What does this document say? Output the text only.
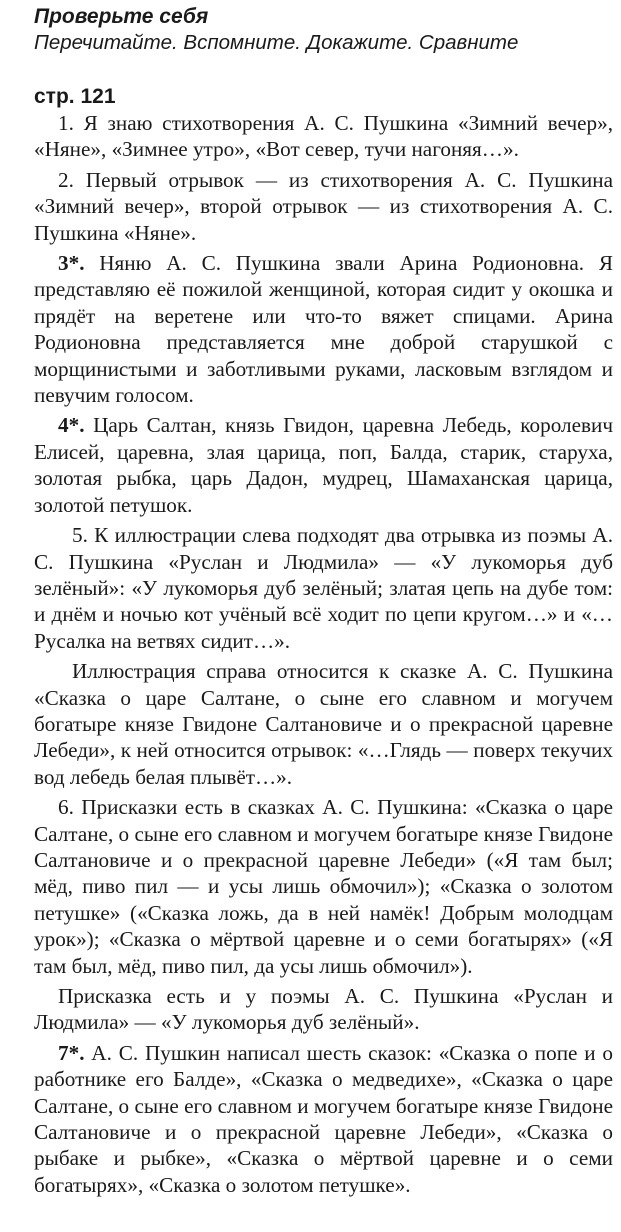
Проверьте себя

Перечитайте. Вспомните. Докажите. Сравните

стр. 121

1. Я знаю стихотворения А. С. Пушкина «Зимний вечер», «Няне», «Зимнее утро», «Вот север, тучи нагоняя…».

2. Первый отрывок — из стихотворения А. С. Пушкина «Зимний вечер», второй отрывок — из стихотворения А. С. Пушкина «Няне».

3*. Няню А. С. Пушкина звали Арина Родионовна. Я представляю её пожилой женщиной, которая сидит у окошка и прядёт на веретене или что-то вяжет спицами. Арина Родионовна представляется мне доброй старушкой с морщинистыми и заботливыми руками, ласковым взглядом и певучим голосом.

4*. Царь Салтан, князь Гвидон, царевна Лебедь, королевич Елисей, царевна, злая царица, поп, Балда, старик, старуха, золотая рыбка, царь Дадон, мудрец, Шамаханская царица, золотой петушок.

5. К иллюстрации слева подходят два отрывка из поэмы А. С. Пушкина «Руслан и Людмила» — «У лукоморья дуб зелёный»: «У лукоморья дуб зелёный; златая цепь на дубе том: и днём и ночью кот учёный всё ходит по цепи кругом…» и «…Русалка на ветвях сидит…».

Иллюстрация справа относится к сказке А. С. Пушкина «Сказка о царе Салтане, о сыне его славном и могучем богатыре князе Гвидоне Салтановиче и о прекрасной царевне Лебеди», к ней относится отрывок: «…Глядь — поверх текучих вод лебедь белая плывёт…».

6. Присказки есть в сказках А. С. Пушкина: «Сказка о царе Салтане, о сыне его славном и могучем богатыре князе Гвидоне Салтановиче и о прекрасной царевне Лебеди» («Я там был; мёд, пиво пил — и усы лишь обмочил»); «Сказка о золотом петушке» («Сказка ложь, да в ней намёк! Добрым молодцам урок»); «Сказка о мёртвой царевне и о семи богатырях» («Я там был, мёд, пиво пил, да усы лишь обмочил»).

Присказка есть и у поэмы А. С. Пушкина «Руслан и Людмила» — «У лукоморья дуб зелёный».

7*. А. С. Пушкин написал шесть сказок: «Сказка о попе и о работнике его Балде», «Сказка о медведихе», «Сказка о царе Салтане, о сыне его славном и могучем богатыре князе Гвидоне Салтановиче и о прекрасной царевне Лебеди», «Сказка о рыбаке и рыбке», «Сказка о мёртвой царевне и о семи богатырях», «Сказка о золотом петушке».
